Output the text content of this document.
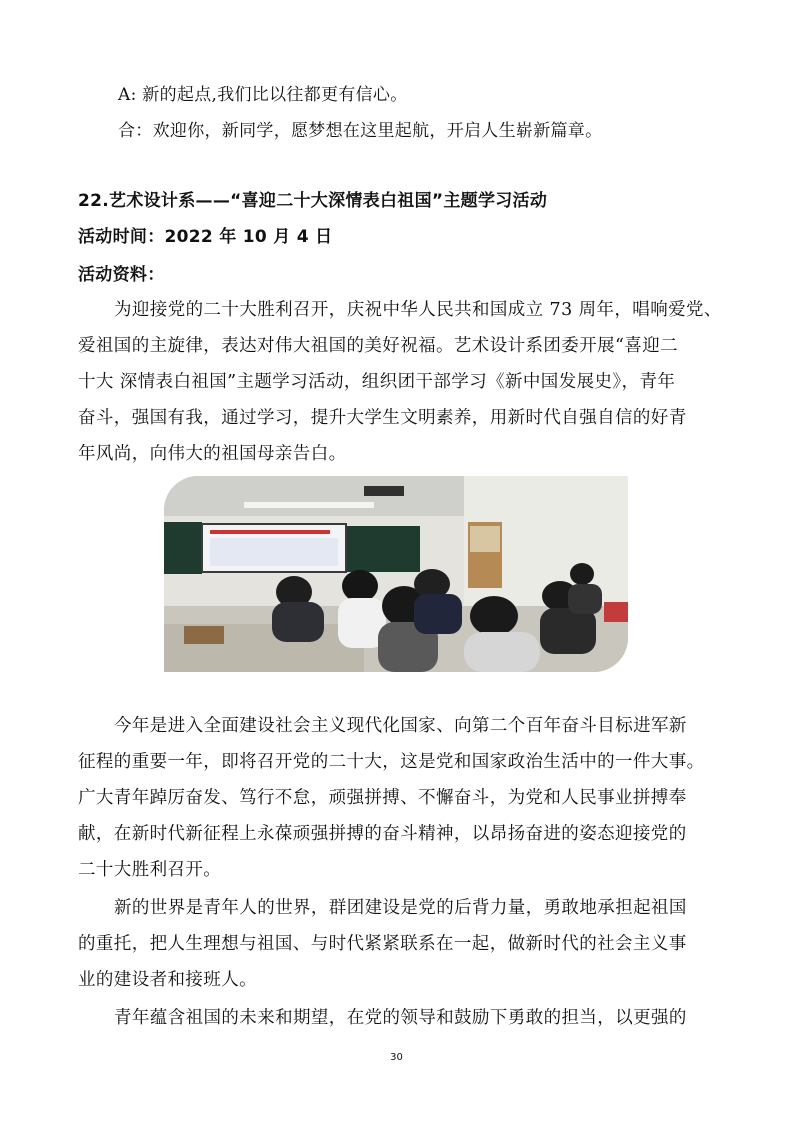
A: 新的起点,我们比以往都更有信心。
合：欢迎你，新同学，愿梦想在这里起航，开启人生崭新篇章。
22.艺术设计系——“喜迎二十大深情表白祖国”主题学习活动
活动时间：2022 年 10 月 4 日
活动资料：
为迎接党的二十大胜利召开，庆祝中华人民共和国成立 73 周年，唱响爱党、
爱祖国的主旋律，表达对伟大祖国的美好祝福。艺术设计系团委开展“喜迎二
十大 深情表白祖国”主题学习活动，组织团干部学习《新中国发展史》，青年
奋斗，强国有我，通过学习，提升大学生文明素养，用新时代自强自信的好青
年风尚，向伟大的祖国母亲告白。
今年是进入全面建设社会主义现代化国家、向第二个百年奋斗目标进军新
征程的重要一年，即将召开党的二十大，这是党和国家政治生活中的一件大事。
广大青年踔厉奋发、笃行不怠，顽强拼搏、不懈奋斗，为党和人民事业拼搏奉
献，在新时代新征程上永葆顽强拼搏的奋斗精神，以昂扬奋进的姿态迎接党的
二十大胜利召开。
新的世界是青年人的世界，群团建设是党的后背力量，勇敢地承担起祖国
的重托，把人生理想与祖国、与时代紧紧联系在一起，做新时代的社会主义事
业的建设者和接班人。
青年蕴含祖国的未来和期望，在党的领导和鼓励下勇敢的担当，以更强的
30
